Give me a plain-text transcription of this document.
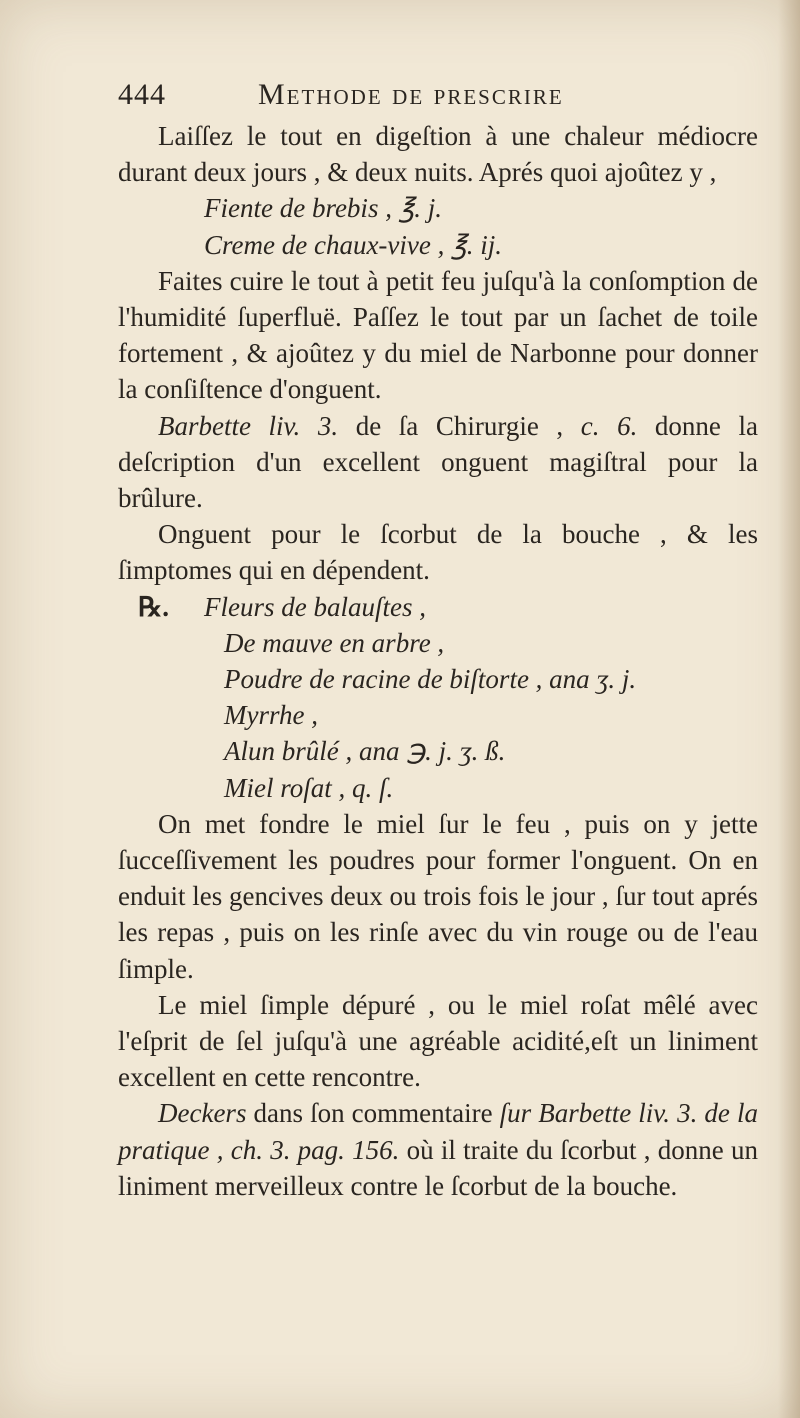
444	Methode de prescrire

Laiſſez le tout en digeſtion à une chaleur médiocre durant deux jours , & deux nuits. Aprés quoi ajoûtez y ,

Fiente de brebis , ℥. j.
Creme de chaux-vive , ℥. ij.

Faites cuire le tout à petit feu juſqu'à la conſomption de l'humidité ſuperfluë. Paſſez le tout par un ſachet de toile fortement , & ajoûtez y du miel de Narbonne pour donner la conſiſtence d'onguent.

Barbette liv. 3. de ſa Chirurgie , c. 6. donne la deſcription d'un excellent onguent magiſtral pour la brûlure.

Onguent pour le ſcorbut de la bouche , & les ſimptomes qui en dépendent.

℞.	Fleurs de balauſtes ,
De mauve en arbre ,
Poudre de racine de biſtorte , ana ʒ. j.
Myrrhe ,
Alun brûlé , ana ℈. j. ʒ. ß.
Miel roſat , q. ſ.

On met fondre le miel ſur le feu , puis on y jette ſucceſſivement les poudres pour former l'onguent. On en enduit les gencives deux ou trois fois le jour , ſur tout aprés les repas , puis on les rinſe avec du vin rouge ou de l'eau ſimple.

Le miel ſimple dépuré , ou le miel roſat mêlé avec l'eſprit de ſel juſqu'à une agréable acidité,eſt un liniment excellent en cette rencontre.

Deckers dans ſon commentaire ſur Barbette liv. 3. de la pratique , ch. 3. pag. 156. où il traite du ſcorbut , donne un liniment merveilleux contre le ſcorbut de la bouche.
